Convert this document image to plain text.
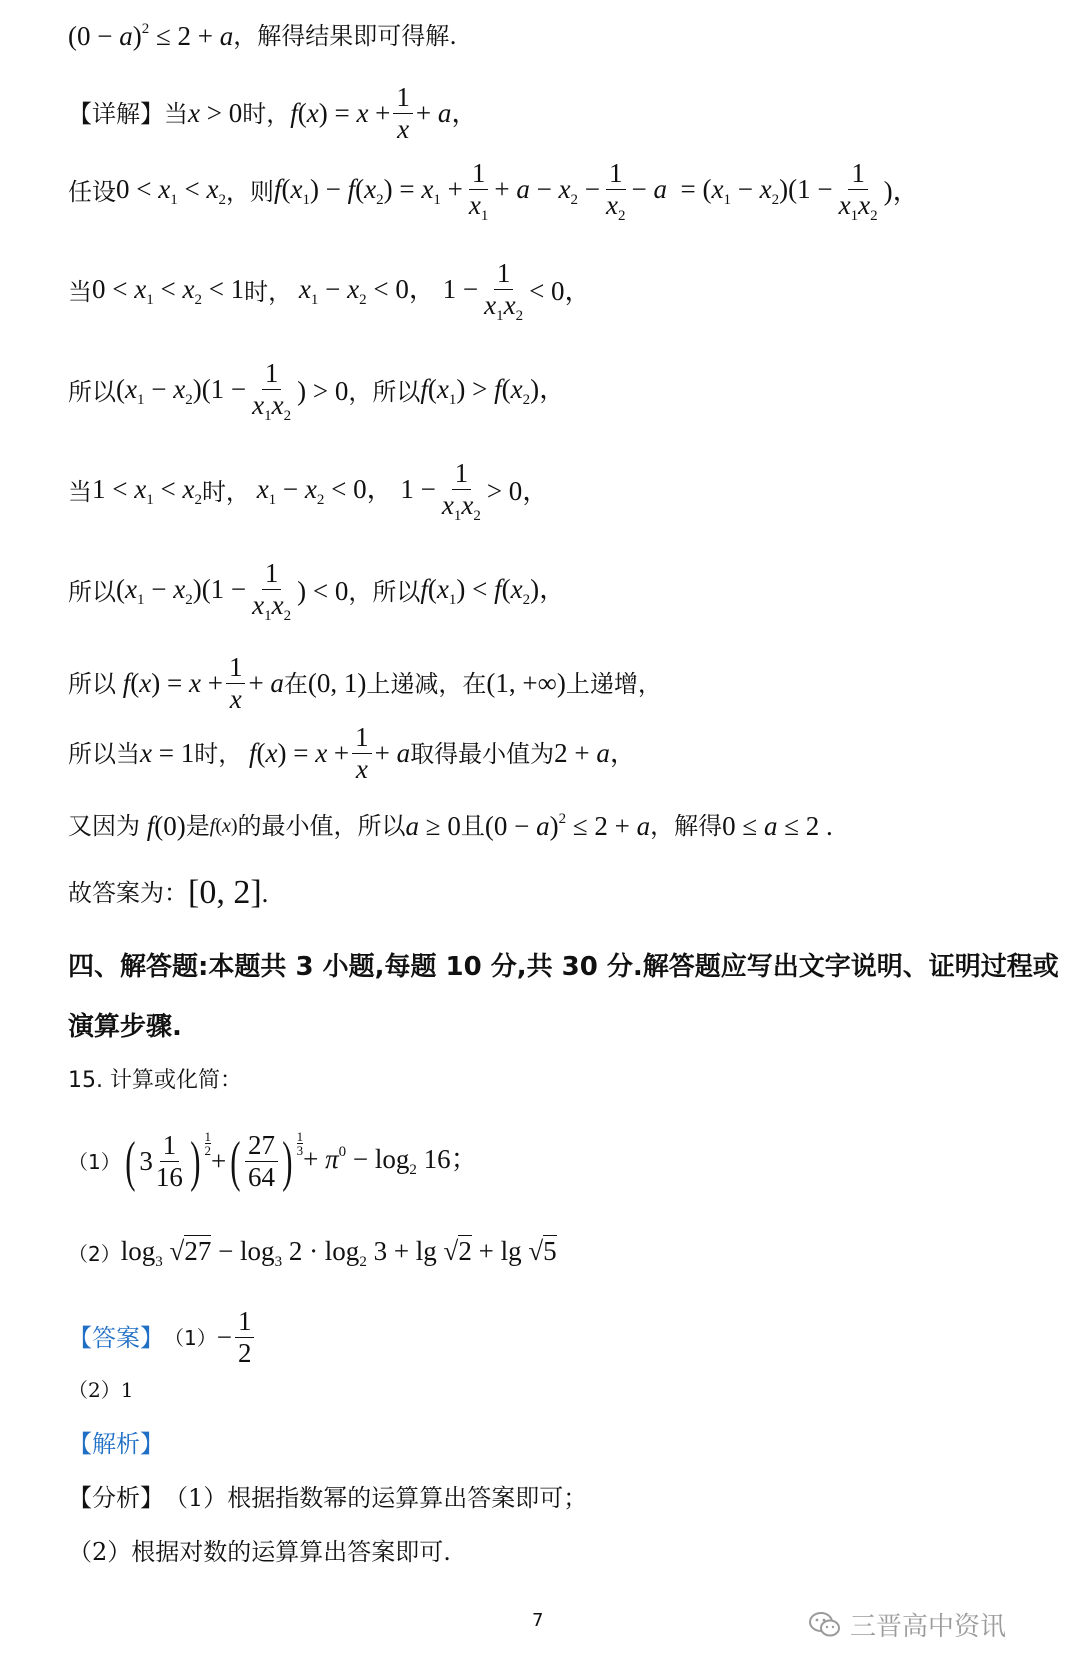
$(0 - a)^2 \le 2 + a$ ，解得结果即可得解.
【详解】当 x > 0 时， $f(x) = x + \frac{1}{x} + a$，
任设 $0 < x_1 < x_2$ ，则 $f(x_1) - f(x_2) = x_1 + \frac{1}{x_1} + a - x_2 - \frac{1}{x_2} - a = (x_1 - x_2)(1 - \frac{1}{x_1x_2}$ )，
当 $0 < x_1 < x_2 < 1$ 时， $x_1 - x_2 < 0$， $1 - \frac{1}{x_1x_2} < 0$，
所以 $(x_1 - x_2)(1 - \frac{1}{x_1x_2}$ ) > 0 ，所以 $f(x_1) > f(x_2)$，
当 $1 < x_1 < x_2$ 时， $x_1 - x_2 < 0$， $1 - \frac{1}{x_1x_2} > 0$，
所以 $(x_1 - x_2)(1 - \frac{1}{x_1x_2}$ ) < 0 ，所以 $f(x_1) < f(x_2)$，
所以 $f(x) = x + \frac{1}{x} + a$ 在 (0, 1) 上递减，在 (1, +∞) 上递增，
所以当 x = 1 时， $f(x) = x + \frac{1}{x} + a$ 取得最小值为 2 + a，
又因为 f(0) 是 f(x) 的最小值，所以 a ≥ 0 且 $(0 - a)^2 \le 2 + a$ ，解得 0 ≤ a ≤ 2 .
故答案为： [0, 2] .
四、解答题:本题共 3 小题,每题 10 分,共 30 分.解答题应写出文字说明、证明过程或
演算步骤.
15. 计算或化简：
（1） ( $3 \frac{1}{16}$ ) $\frac{1}{2}$
+ ( $\frac{27}{64}$ ) $\frac{1}{3}$
+ $\pi^0 - \log_2 16$；
（2） $\log_3 √27 - \log_3 2 \cdot \log_2 3 + \lg √2 + \lg √5$
【答案】 $(1) - \frac{1}{2}$
（2）1
【解析】
【分析】 （1）根据指数幂的运算算出答案即可；
（2）根据对数的运算算出答案即可.
7	三晋高中资讯
